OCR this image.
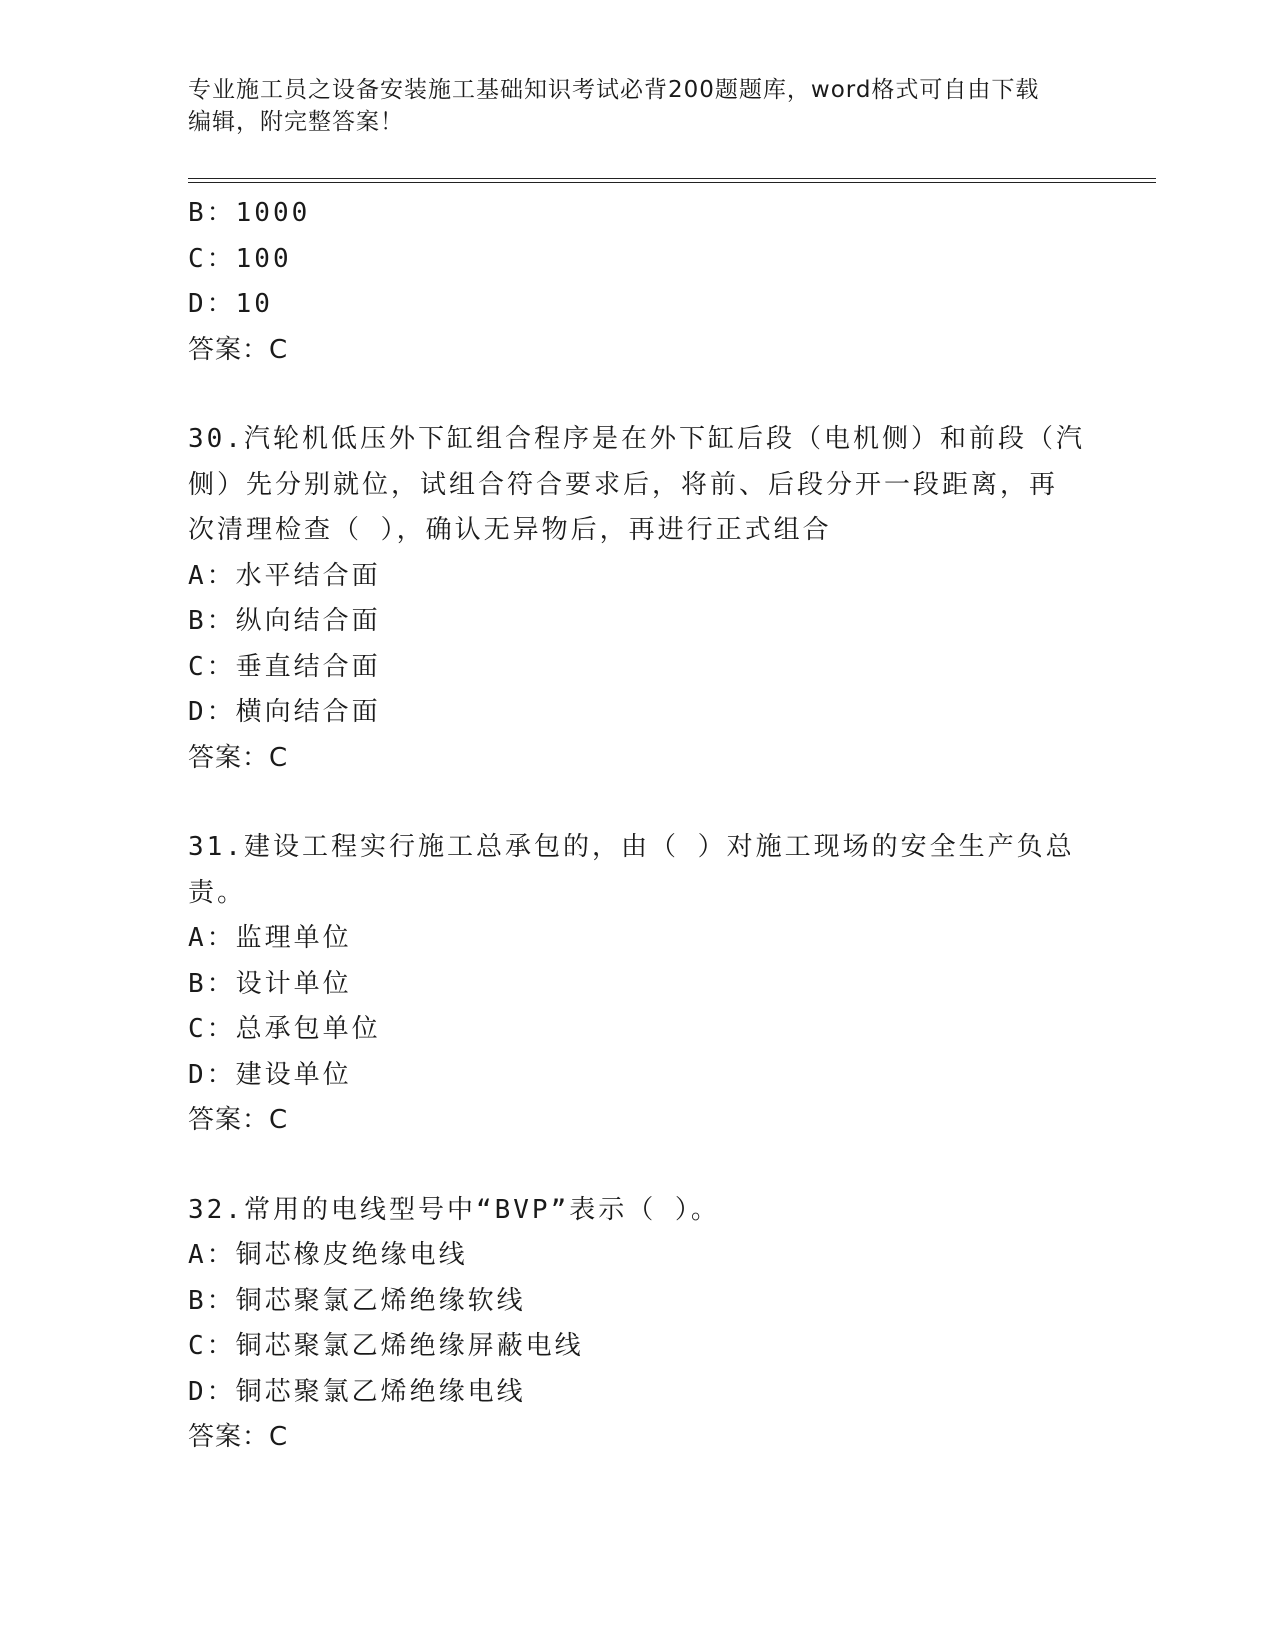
专业施工员之设备安装施工基础知识考试必背200题题库，word格式可自由下载

编辑，附完整答案！

B：1000
C：100
D：10
答案：C
30.汽轮机低压外下缸组合程序是在外下缸后段（电机侧）和前段（汽
侧）先分别就位，试组合符合要求后，将前、后段分开一段距离，再
次清理检查（ ），确认无异物后，再进行正式组合
A：水平结合面
B：纵向结合面
C：垂直结合面
D：横向结合面
答案：C
31.建设工程实行施工总承包的，由（ ）对施工现场的安全生产负总
责。
A：监理单位
B：设计单位
C：总承包单位
D：建设单位
答案：C
32.常用的电线型号中“BVP”表示（ ）。
A：铜芯橡皮绝缘电线
B：铜芯聚氯乙烯绝缘软线
C：铜芯聚氯乙烯绝缘屏蔽电线
D：铜芯聚氯乙烯绝缘电线
答案：C
